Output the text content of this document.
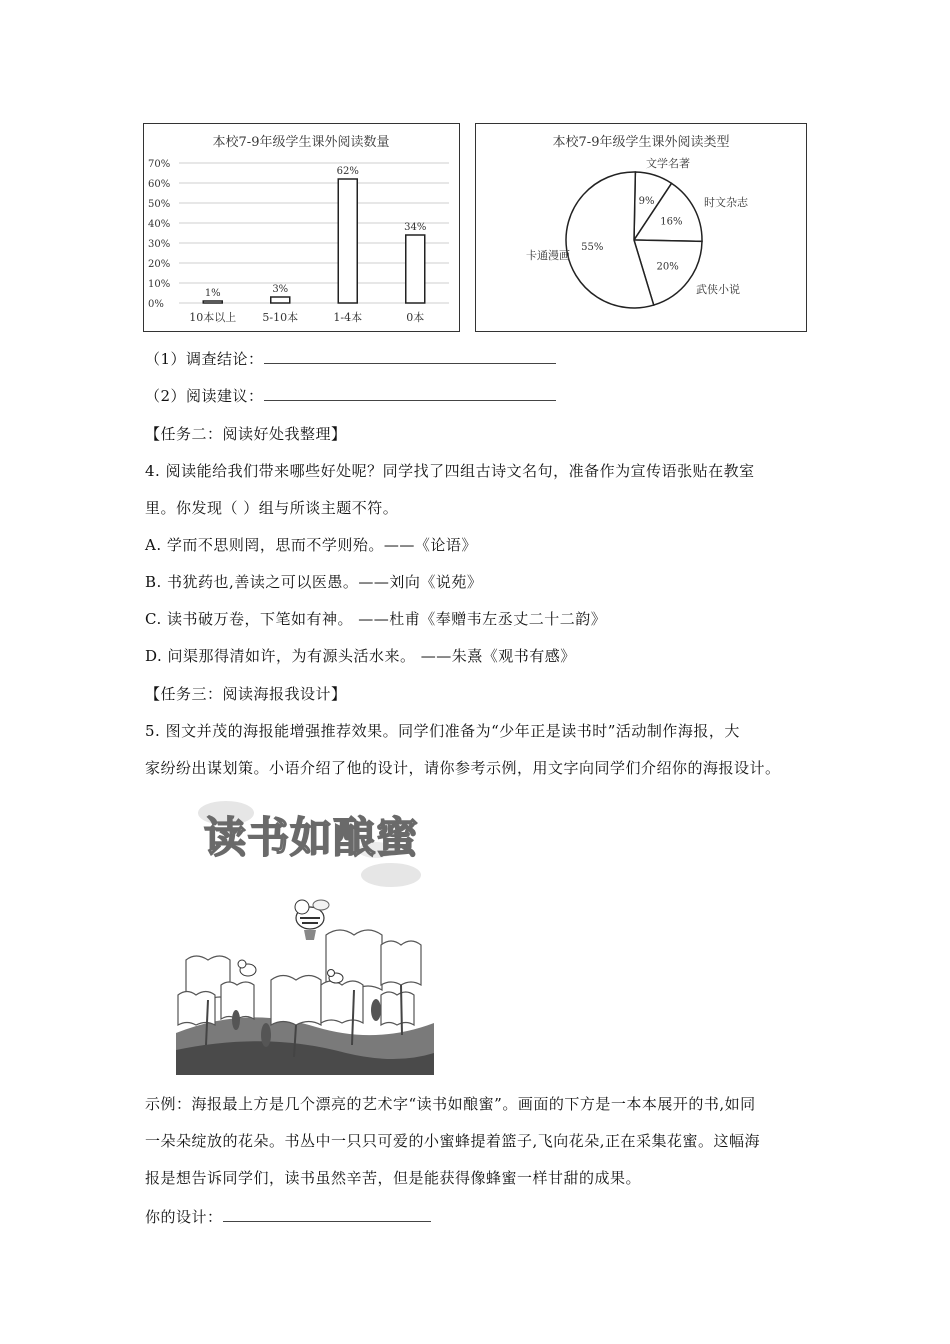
本校7-9年级学生课外阅读数量
70%
60%
50%
40%
30%
20%
10%
0%
1%
10本以上
3%
5-10本
62%
1-4本
34%
0本
本校7-9年级学生课外阅读类型
9%
文学名著
16%
时文杂志
20%
武侠小说
55%
卡通漫画
（1）调查结论：
（2）阅读建议：
【任务二：阅读好处我整理】
4. 阅读能给我们带来哪些好处呢？同学找了四组古诗文名句，准备作为宣传语张贴在教室
里。你发现（ ）组与所谈主题不符。
A. 学而不思则罔，思而不学则殆。——《论语》
B. 书犹药也,善读之可以医愚。——刘向《说苑》
C. 读书破万卷，下笔如有神。 ——杜甫《奉赠韦左丞丈二十二韵》
D. 问渠那得清如许，为有源头活水来。 ——朱熹《观书有感》
【任务三：阅读海报我设计】
5. 图文并茂的海报能增强推荐效果。同学们准备为“少年正是读书时”活动制作海报，大
家纷纷出谋划策。小语介绍了他的设计，请你参考示例，用文字向同学们介绍你的海报设计。
读书如酿蜜
示例：海报最上方是几个漂亮的艺术字“读书如酿蜜”。画面的下方是一本本展开的书,如同
一朵朵绽放的花朵。书丛中一只只可爱的小蜜蜂提着篮子,飞向花朵,正在采集花蜜。这幅海
报是想告诉同学们，读书虽然辛苦，但是能获得像蜂蜜一样甘甜的成果。
你的设计：
